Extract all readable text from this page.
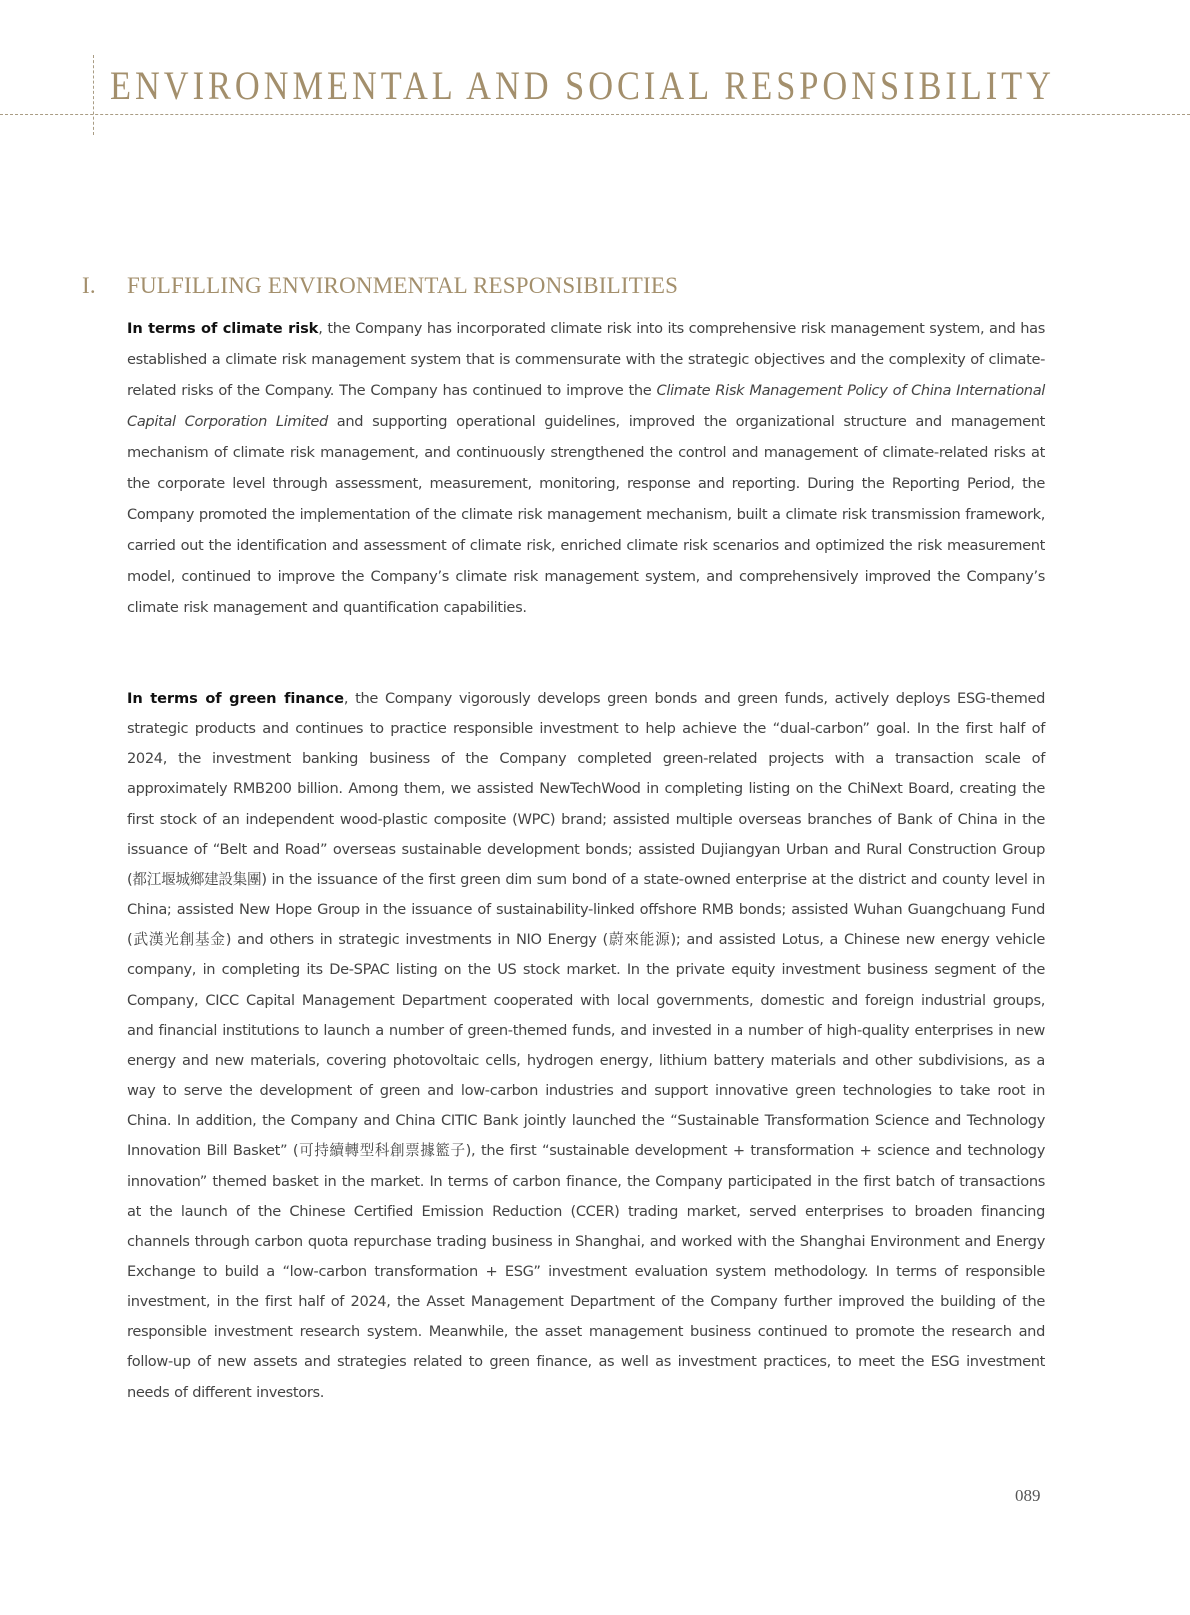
ENVIRONMENTAL AND SOCIAL RESPONSIBILITY
I. FULFILLING ENVIRONMENTAL RESPONSIBILITIES
In terms of climate risk, the Company has incorporated climate risk into its comprehensive risk management system, and has established a climate risk management system that is commensurate with the strategic objectives and the complexity of climate-related risks of the Company. The Company has continued to improve the Climate Risk Management Policy of China International Capital Corporation Limited and supporting operational guidelines, improved the organizational structure and management mechanism of climate risk management, and continuously strengthened the control and management of climate-related risks at the corporate level through assessment, measurement, monitoring, response and reporting. During the Reporting Period, the Company promoted the implementation of the climate risk management mechanism, built a climate risk transmission framework, carried out the identification and assessment of climate risk, enriched climate risk scenarios and optimized the risk measurement model, continued to improve the Company’s climate risk management system, and comprehensively improved the Company’s climate risk management and quantification capabilities.
In terms of green finance, the Company vigorously develops green bonds and green funds, actively deploys ESG-themed strategic products and continues to practice responsible investment to help achieve the “dual-carbon” goal. In the first half of 2024, the investment banking business of the Company completed green-related projects with a transaction scale of approximately RMB200 billion. Among them, we assisted NewTechWood in completing listing on the ChiNext Board, creating the first stock of an independent wood-plastic composite (WPC) brand; assisted multiple overseas branches of Bank of China in the issuance of “Belt and Road” overseas sustainable development bonds; assisted Dujiangyan Urban and Rural Construction Group (都江堰城鄉建設集團) in the issuance of the first green dim sum bond of a state-owned enterprise at the district and county level in China; assisted New Hope Group in the issuance of sustainability-linked offshore RMB bonds; assisted Wuhan Guangchuang Fund (武漢光創基金) and others in strategic investments in NIO Energy (蔚來能源); and assisted Lotus, a Chinese new energy vehicle company, in completing its De-SPAC listing on the US stock market. In the private equity investment business segment of the Company, CICC Capital Management Department cooperated with local governments, domestic and foreign industrial groups, and financial institutions to launch a number of green-themed funds, and invested in a number of high-quality enterprises in new energy and new materials, covering photovoltaic cells, hydrogen energy, lithium battery materials and other subdivisions, as a way to serve the development of green and low-carbon industries and support innovative green technologies to take root in China. In addition, the Company and China CITIC Bank jointly launched the “Sustainable Transformation Science and Technology Innovation Bill Basket” (可持續轉型科創票據籃子), the first “sustainable development + transformation + science and technology innovation” themed basket in the market. In terms of carbon finance, the Company participated in the first batch of transactions at the launch of the Chinese Certified Emission Reduction (CCER) trading market, served enterprises to broaden financing channels through carbon quota repurchase trading business in Shanghai, and worked with the Shanghai Environment and Energy Exchange to build a “low-carbon transformation + ESG” investment evaluation system methodology. In terms of responsible investment, in the first half of 2024, the Asset Management Department of the Company further improved the building of the responsible investment research system. Meanwhile, the asset management business continued to promote the research and follow-up of new assets and strategies related to green finance, as well as investment practices, to meet the ESG investment needs of different investors.
089
